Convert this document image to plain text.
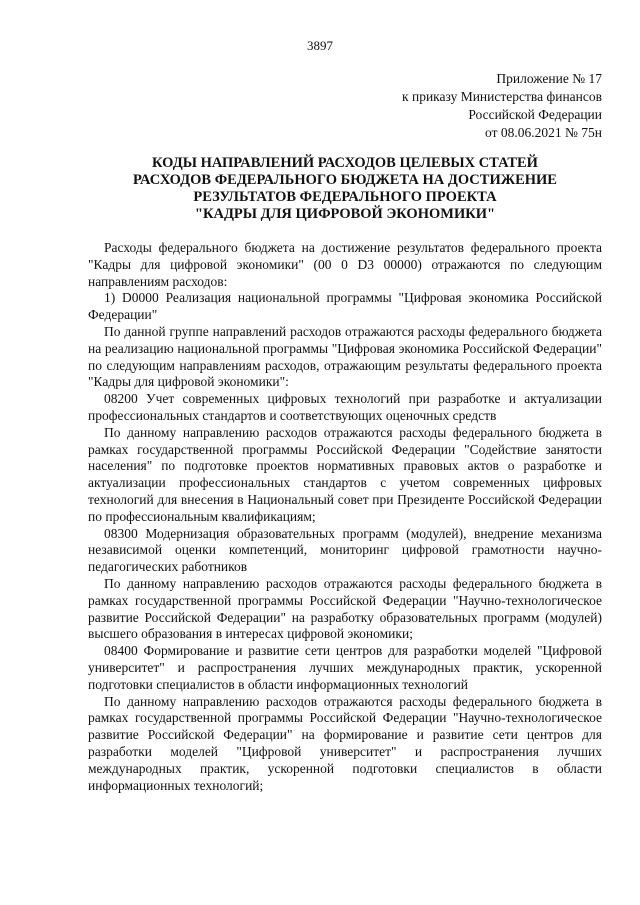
3897
Приложение № 17
к приказу Министерства финансов
Российской Федерации
от 08.06.2021 № 75н
КОДЫ НАПРАВЛЕНИЙ РАСХОДОВ ЦЕЛЕВЫХ СТАТЕЙ
РАСХОДОВ ФЕДЕРАЛЬНОГО БЮДЖЕТА НА ДОСТИЖЕНИЕ
РЕЗУЛЬТАТОВ ФЕДЕРАЛЬНОГО ПРОЕКТА
"КАДРЫ ДЛЯ ЦИФРОВОЙ ЭКОНОМИКИ"

Расходы федерального бюджета на достижение результатов федерального проекта "Кадры для цифровой экономики" (00 0 D3 00000) отражаются по следующим направлениям расходов:

1) D0000 Реализация национальной программы "Цифровая экономика Российской Федерации"

По данной группе направлений расходов отражаются расходы федерального бюджета на реализацию национальной программы "Цифровая экономика Российской Федерации" по следующим направлениям расходов, отражающим результаты федерального проекта "Кадры для цифровой экономики":

08200 Учет современных цифровых технологий при разработке и актуализации профессиональных стандартов и соответствующих оценочных средств

По данному направлению расходов отражаются расходы федерального бюджета в рамках государственной программы Российской Федерации "Содействие занятости населения" по подготовке проектов нормативных правовых актов о разработке и актуализации профессиональных стандартов с учетом современных цифровых технологий для внесения в Национальный совет при Президенте Российской Федерации по профессиональным квалификациям;

08300 Модернизация образовательных программ (модулей), внедрение механизма независимой оценки компетенций, мониторинг цифровой грамотности научно-педагогических работников

По данному направлению расходов отражаются расходы федерального бюджета в рамках государственной программы Российской Федерации "Научно-технологическое развитие Российской Федерации" на разработку образовательных программ (модулей) высшего образования в интересах цифровой экономики;

08400 Формирование и развитие сети центров для разработки моделей "Цифровой университет" и распространения лучших международных практик, ускоренной подготовки специалистов в области информационных технологий

По данному направлению расходов отражаются расходы федерального бюджета в рамках государственной программы Российской Федерации "Научно-технологическое развитие Российской Федерации" на формирование и развитие сети центров для разработки моделей "Цифровой университет" и распространения лучших международных практик, ускоренной подготовки специалистов в области информационных технологий;
